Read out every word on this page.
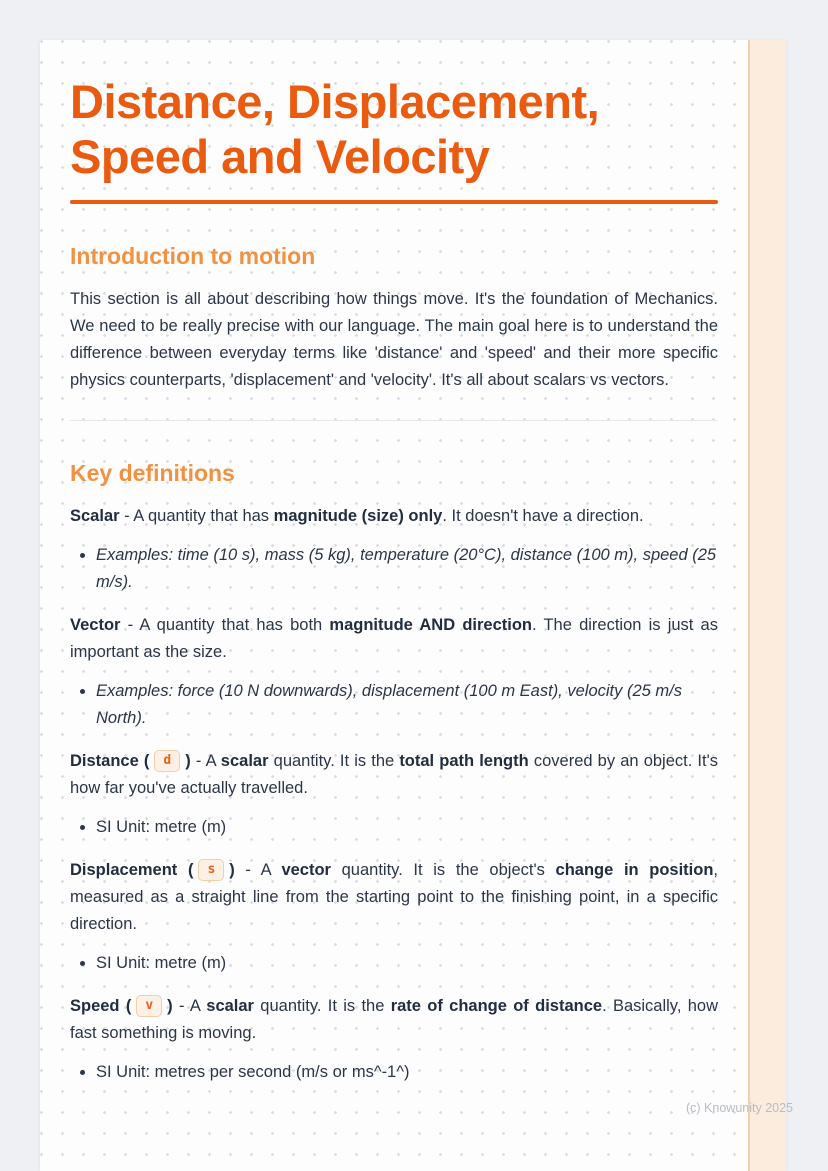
Distance, Displacement, Speed and Velocity
Introduction to motion

This section is all about describing how things move. It's the foundation of Mechanics. We need to be really precise with our language. The main goal here is to understand the difference between everyday terms like 'distance' and 'speed' and their more specific physics counterparts, 'displacement' and 'velocity'. It's all about scalars vs vectors.

Key definitions

Scalar - A quantity that has magnitude (size) only. It doesn't have a direction.

• Examples: time (10 s), mass (5 kg), temperature (20°C), distance (100 m), speed (25 m/s).

Vector - A quantity that has both magnitude AND direction. The direction is just as important as the size.

• Examples: force (10 N downwards), displacement (100 m East), velocity (25 m/s North).

Distance ( d ) - A scalar quantity. It is the total path length covered by an object. It's how far you've actually travelled.

• SI Unit: metre (m)

Displacement ( s ) - A vector quantity. It is the object's change in position, measured as a straight line from the starting point to the finishing point, in a specific direction.

• SI Unit: metre (m)

Speed ( v ) - A scalar quantity. It is the rate of change of distance. Basically, how fast something is moving.

• SI Unit: metres per second (m/s or ms^-1^)
(c) Knowunity 2025
